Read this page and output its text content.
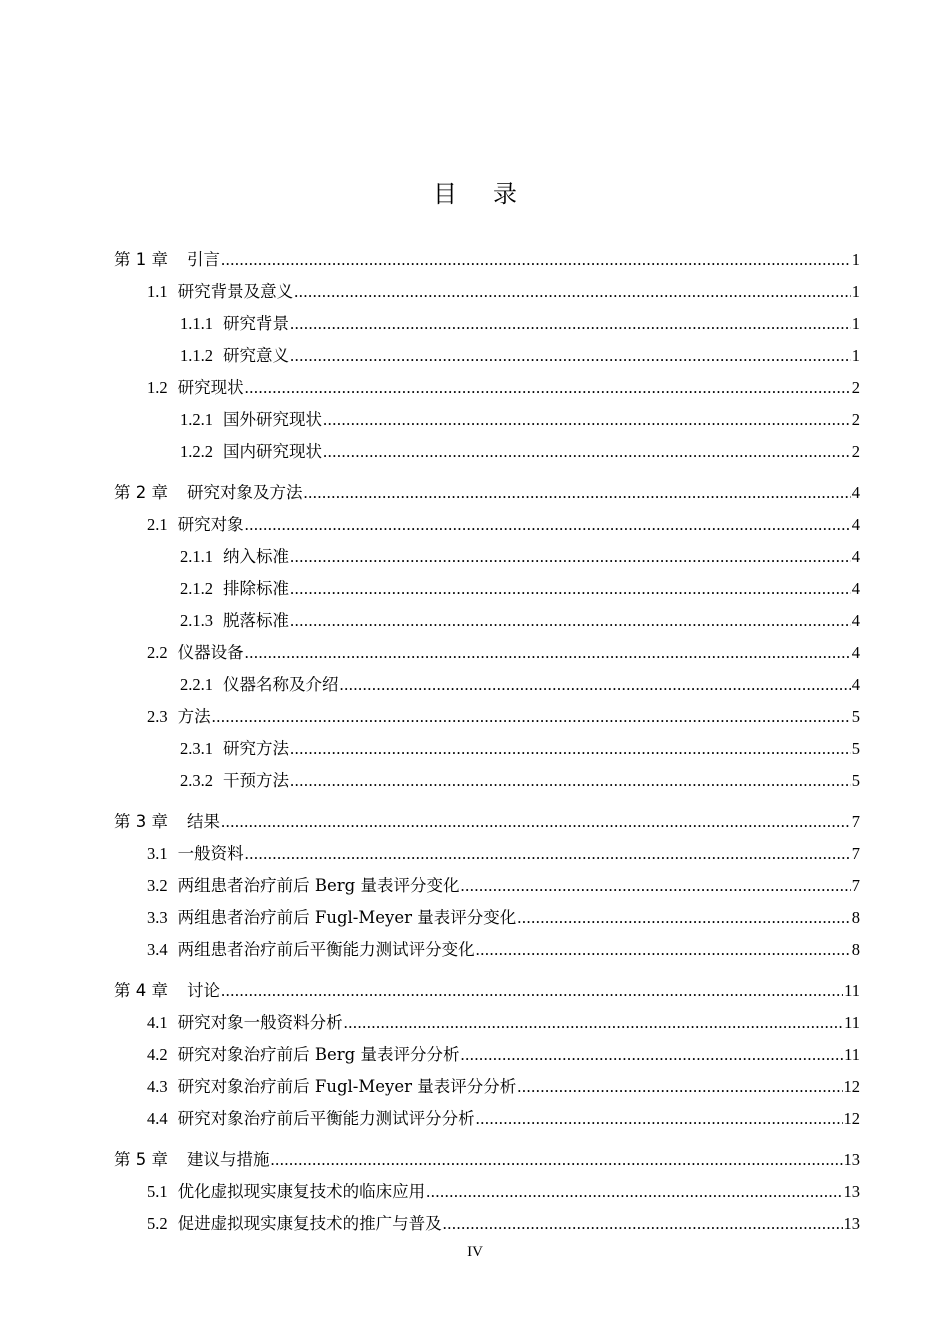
目录
第 1 章 引言 .....	1
1.1 研究背景及意义 .....	1
1.1.1 研究背景 .....	1
1.1.2 研究意义 .....	1
1.2 研究现状 .....	2
1.2.1 国外研究现状 .....	2
1.2.2 国内研究现状 .....	2
第 2 章 研究对象及方法 .....	4
2.1 研究对象 .....	4
2.1.1 纳入标准 .....	4
2.1.2 排除标准 .....	4
2.1.3 脱落标准 .....	4
2.2 仪器设备 .....	4
2.2.1 仪器名称及介绍 .....	4
2.3 方法 .....	5
2.3.1 研究方法 .....	5
2.3.2 干预方法 .....	5
第 3 章 结果 .....	7
3.1 一般资料 .....	7
3.2 两组患者治疗前后 Berg 量表评分变化 .....	7
3.3 两组患者治疗前后 Fugl-Meyer 量表评分变化 .....	8
3.4 两组患者治疗前后平衡能力测试评分变化 .....	8
第 4 章 讨论 .....	11
4.1 研究对象一般资料分析 .....	11
4.2 研究对象治疗前后 Berg 量表评分分析 .....	11
4.3 研究对象治疗前后 Fugl-Meyer 量表评分分析 .....	12
4.4 研究对象治疗前后平衡能力测试评分分析 .....	12
第 5 章 建议与措施 .....	13
5.1 优化虚拟现实康复技术的临床应用 .....	13
5.2 促进虚拟现实康复技术的推广与普及 .....	13
IV
